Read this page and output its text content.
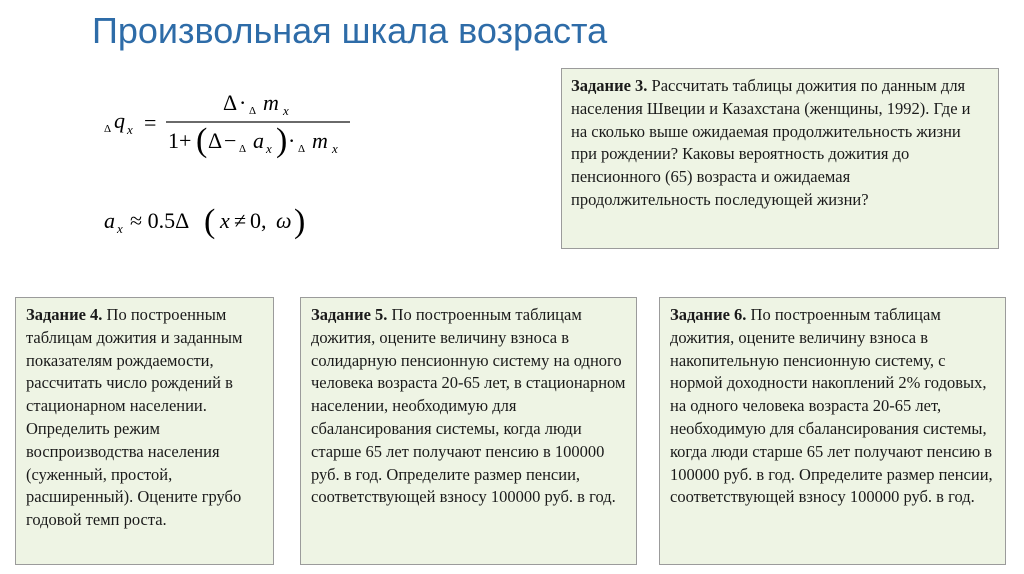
Произвольная шкала возраста
Δ q x =
Δ · Δ m x
1+ ( Δ − Δ a x ) · Δ m x
a x ≈ 0.5Δ ( x ≠ 0, ω )
Задание 3. Рассчитать таблицы дожития по данным для населения Швеции и Казахстана (женщины, 1992). Где и на сколько выше ожидаемая продолжительность жизни при рождении? Каковы вероятность дожития до пенсионного (65) возраста и ожидаемая продолжительность последующей жизни?
Задание 4. По построенным таблицам дожития и заданным показателям рождаемости, рассчитать число рождений в стационарном населении. Определить режим воспроизводства населения (суженный, простой, расширенный). Оцените грубо годовой темп роста.
Задание 5. По построенным таблицам дожития, оцените величину взноса в солидарную пенсионную систему на одного человека возраста 20-65 лет, в стационарном населении, необходимую для сбалансирования системы, когда люди старше 65 лет получают пенсию в 100000 руб. в год. Определите размер пенсии, соответствующей взносу 100000 руб. в год.
Задание 6. По построенным таблицам дожития, оцените величину взноса в накопительную пенсионную систему, с нормой доходности накоплений 2% годовых, на одного человека возраста 20-65 лет, необходимую для сбалансирования системы, когда люди старше 65 лет получают пенсию в 100000 руб. в год. Определите размер пенсии, соответствующей взносу 100000 руб. в год.
